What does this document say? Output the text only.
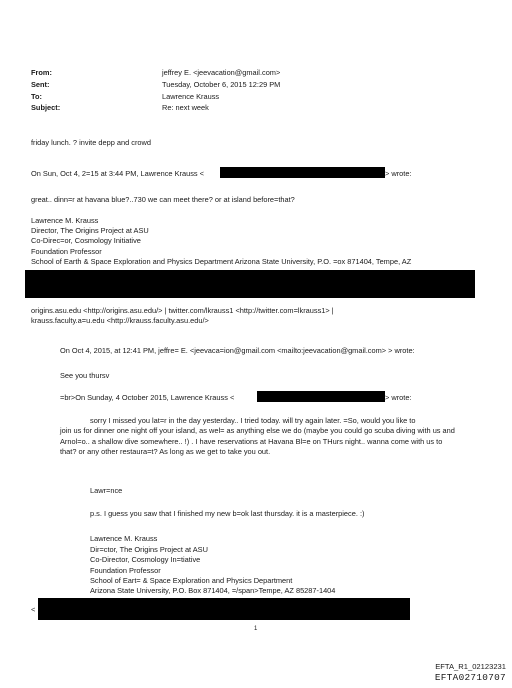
From:	jeffrey E. <jeevacation@gmail.com>
Sent:	Tuesday, October 6, 2015 12:29 PM
To:	Lawrence Krauss
Subject:	Re: next week
friday lunch. ? invite depp and crowd
On Sun, Oct 4, 2=15 at 3:44 PM, Lawrence Krauss <	> wrote:
great.. dinn=r at havana blue?..730 we can meet there? or at island before=that?
Lawrence M. Krauss
Director, The Origins Project at ASU
Co-Direc=or, Cosmology Initiative
Foundation Professor
School of Earth & Space Exploration and Physics Department Arizona State University, P.O. =ox 871404, Tempe, AZ
origins.asu.edu <http://origins.asu.edu/> | twitter.com/lkrauss1 <http://twitter.com=lkrauss1> |
krauss.faculty.a=u.edu <http://krauss.faculty.asu.edu/>
On Oct 4, 2015, at 12:41 PM, jeffre= E. <jeevaca=ion@gmail.com <mailto:jeevacation@gmail.com> > wrote:
See you thursv
=br>On Sunday, 4 October 2015, Lawrence Krauss <	> wrote:
sorry I missed you lat=r in the day yesterday.. I tried today. will try again later. =So, would you like to
join us for dinner one night off your island, as wel= as anything else we do (maybe you could go scuba diving with us and
Arnol=o.. a shallow dive somewhere.. !) . I have reservations at Havana Bl=e on THurs night.. wanna come with us to
that? or any other restaura=t? As long as we get to take you out.
Lawr=nce
p.s. I guess you saw that I finished my new b=ok last thursday. it is a masterpiece. :)
Lawrence M. Krauss
Dir=ctor, The Origins Project at ASU
Co-Director, Cosmology In=tiative
Foundation Professor
School of Eart= & Space Exploration and Physics Department
Arizona State University, P.O. Box 871404, =/span>Tempe, AZ 85287-1404
<
1
EFTA_R1_02123231
EFTA02710707
